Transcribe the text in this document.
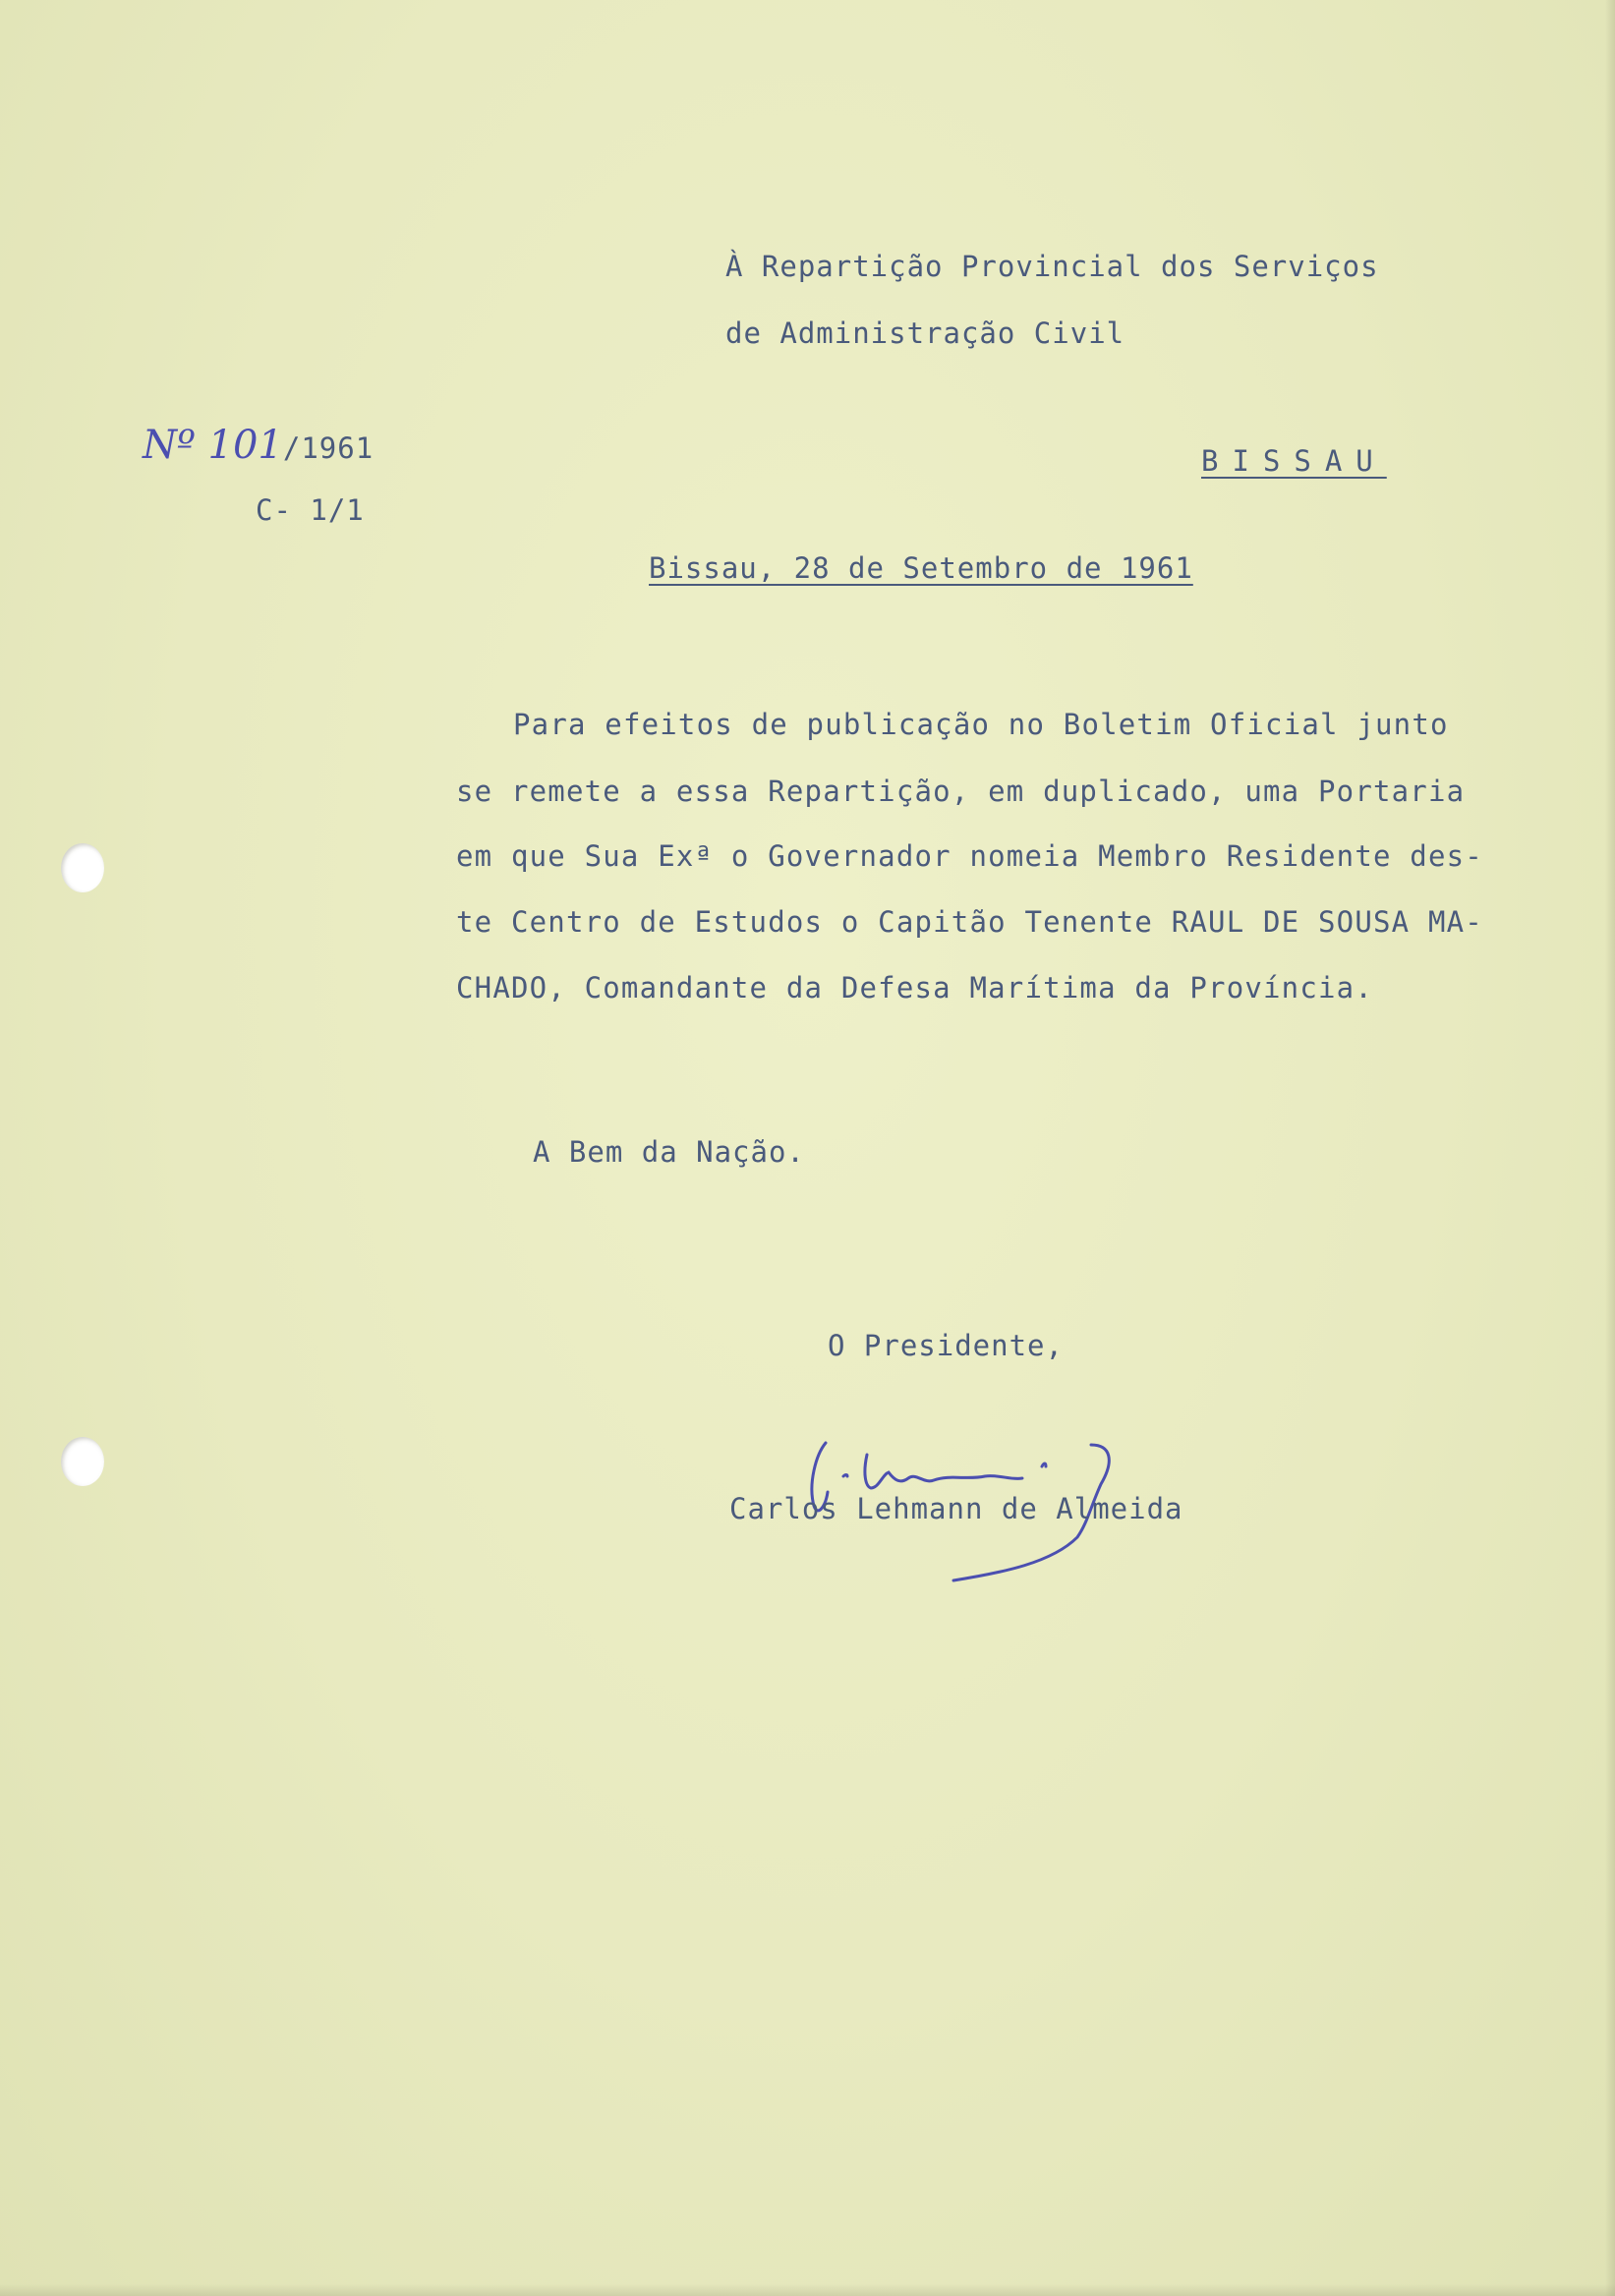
À Repartição Provincial dos Serviços
de Administração Civil
BISSAU
Nº 101/1961
C- 1/1
Bissau, 28 de Setembro de 1961
Para efeitos de publicação no Boletim Oficial junto
se remete a essa Repartição, em duplicado, uma Portaria
em que Sua Exª o Governador nomeia Membro Residente des-
te Centro de Estudos o Capitão Tenente RAUL DE SOUSA MA-
CHADO, Comandante da Defesa Marítima da Província.
A Bem da Nação.
O Presidente,
Carlos Lehmann de Almeida
